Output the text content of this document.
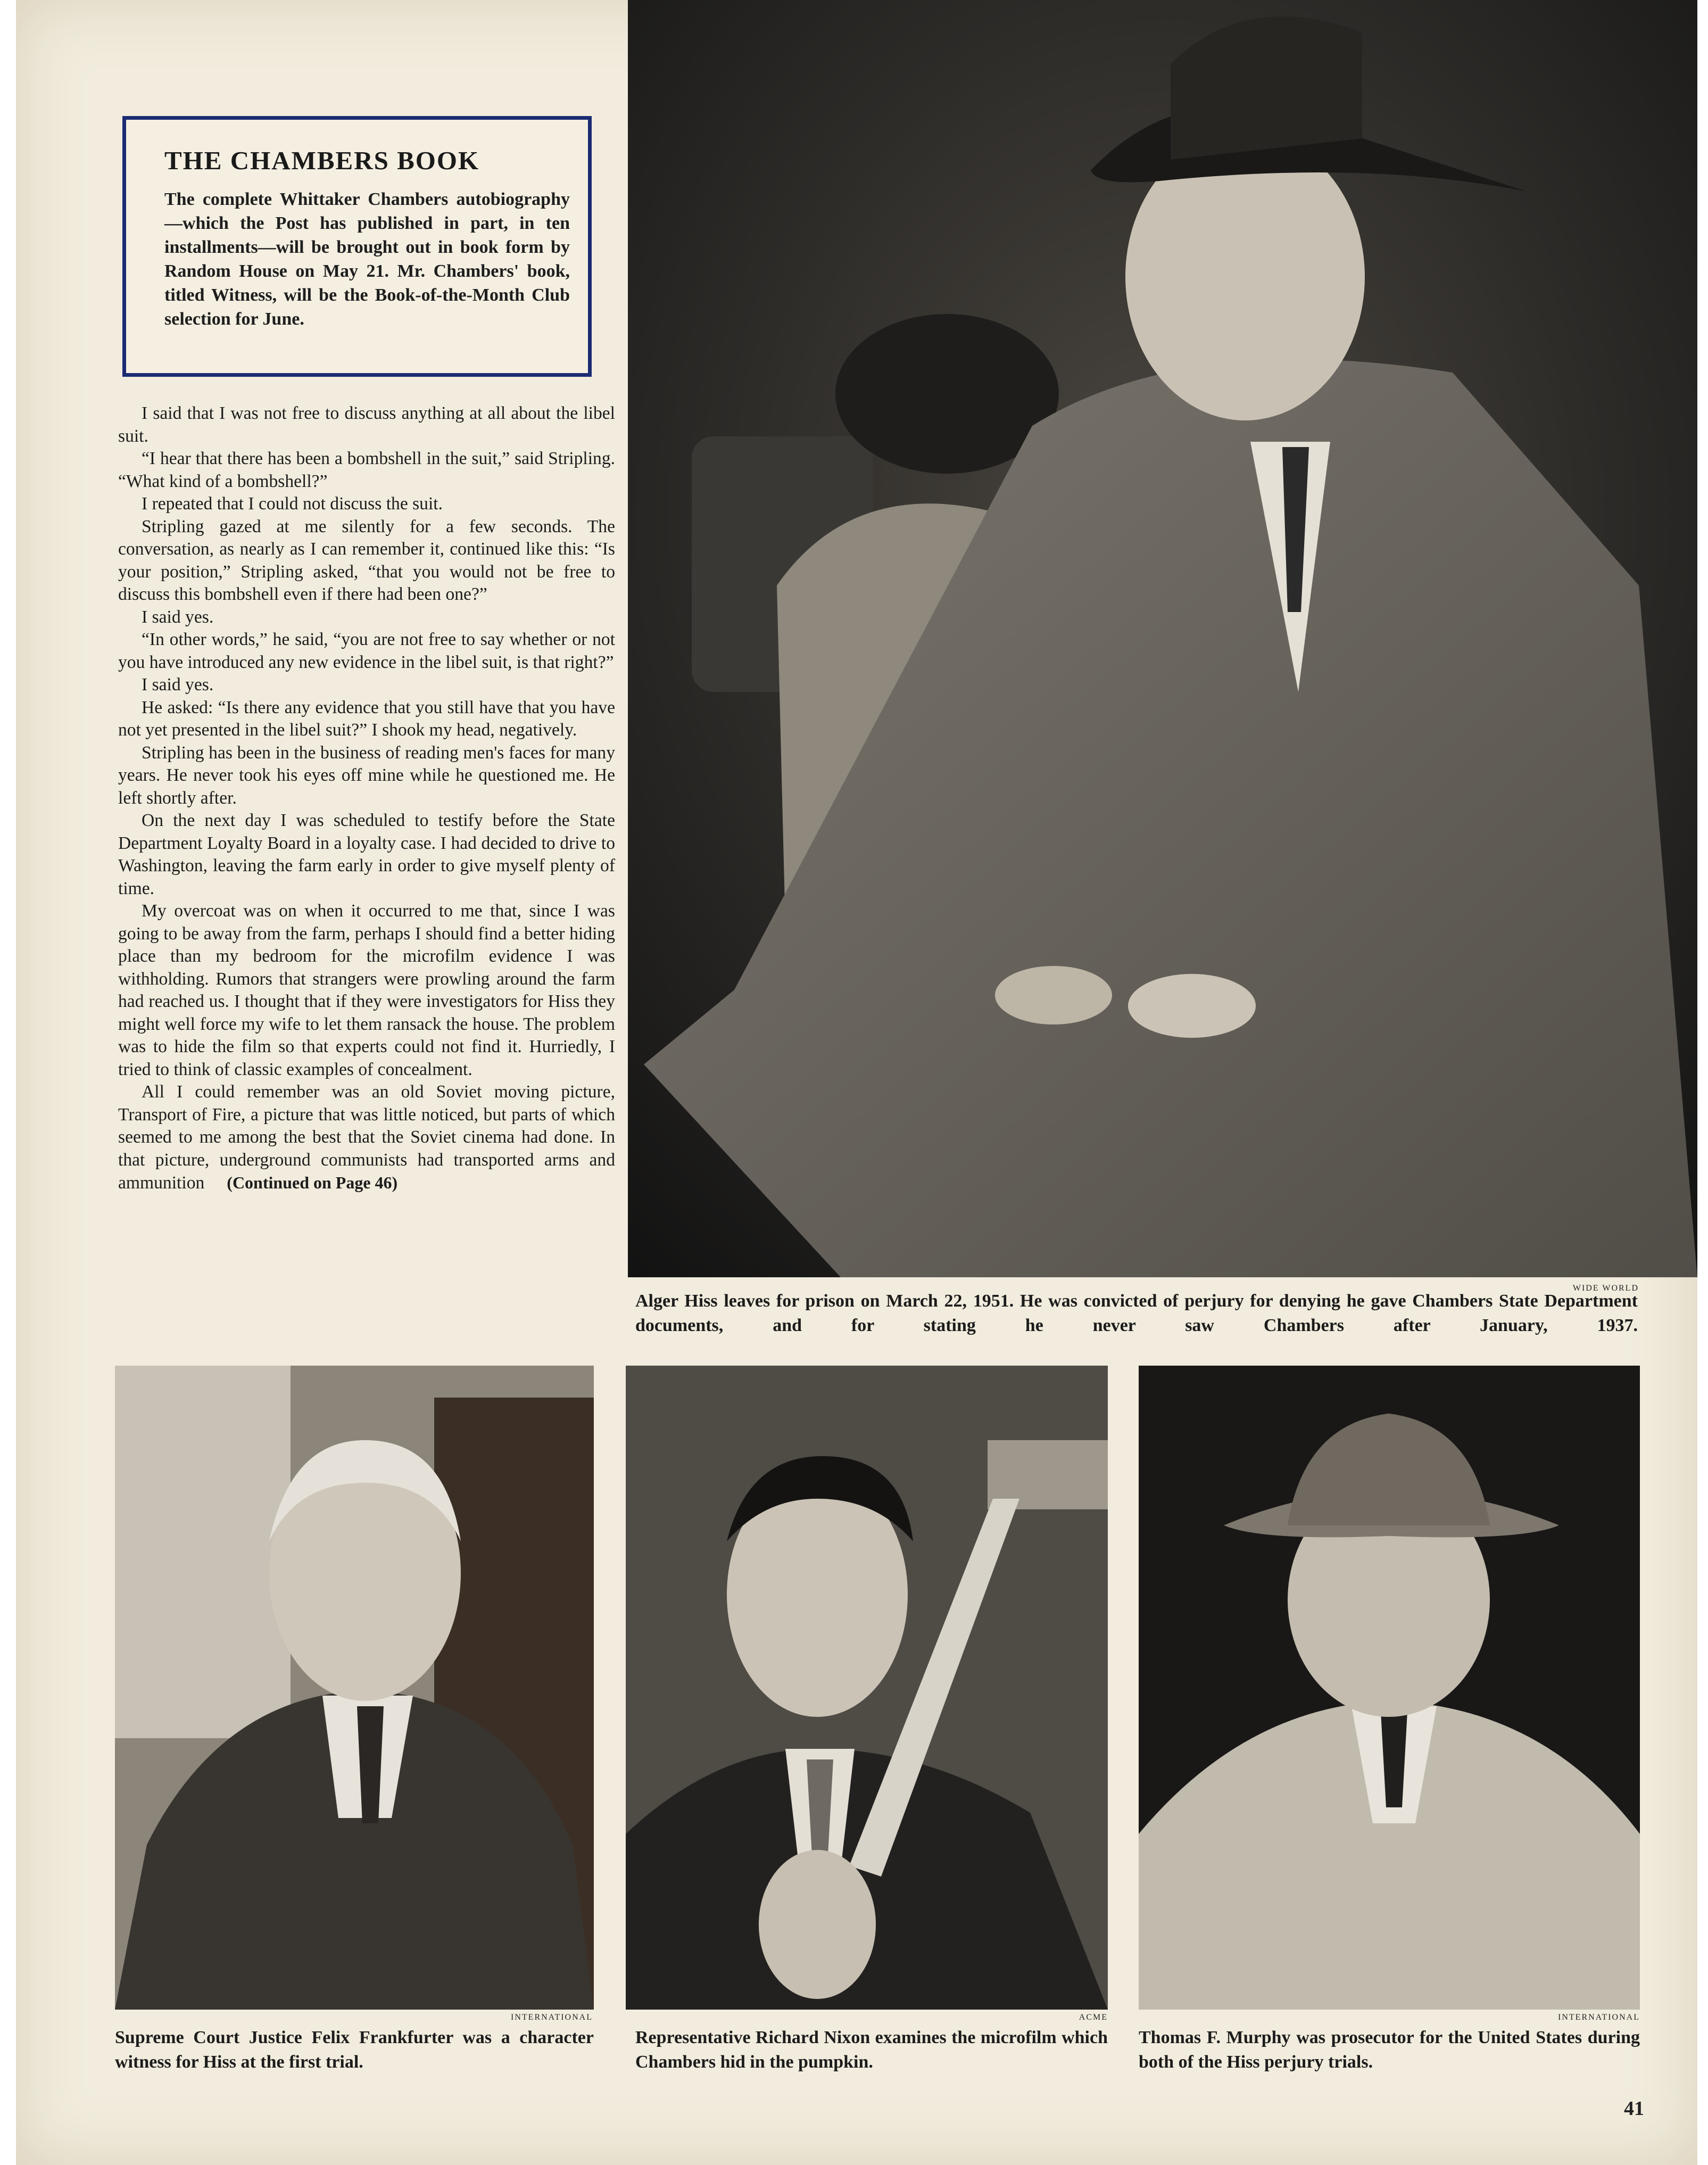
THE CHAMBERS BOOK

The complete Whittaker Chambers autobiography—which the Post has published in part, in ten installments—will be brought out in book form by Random House on May 21. Mr. Chambers' book, titled Witness, will be the Book-of-the-Month Club selection for June.

I said that I was not free to discuss anything at all about the libel suit.

“I hear that there has been a bombshell in the suit,” said Stripling. “What kind of a bombshell?”

I repeated that I could not discuss the suit.

Stripling gazed at me silently for a few seconds. The conversation, as nearly as I can remember it, continued like this: “Is your position,” Stripling asked, “that you would not be free to discuss this bombshell even if there had been one?”

I said yes.

“In other words,” he said, “you are not free to say whether or not you have introduced any new evidence in the libel suit, is that right?”

I said yes.

He asked: “Is there any evidence that you still have that you have not yet presented in the libel suit?” I shook my head, negatively.

Stripling has been in the business of reading men's faces for many years. He never took his eyes off mine while he questioned me. He left shortly after.

On the next day I was scheduled to testify before the State Department Loyalty Board in a loyalty case. I had decided to drive to Washington, leaving the farm early in order to give myself plenty of time.

My overcoat was on when it occurred to me that, since I was going to be away from the farm, perhaps I should find a better hiding place than my bedroom for the microfilm evidence I was withholding. Rumors that strangers were prowling around the farm had reached us. I thought that if they were investigators for Hiss they might well force my wife to let them ransack the house. The problem was to hide the film so that experts could not find it. Hurriedly, I tried to think of classic examples of concealment.

All I could remember was an old Soviet moving picture, Transport of Fire, a picture that was little noticed, but parts of which seemed to me among the best that the Soviet cinema had done. In that picture, underground communists had transported arms and ammunition (Continued on Page 46)

WIDE WORLD
Alger Hiss leaves for prison on March 22, 1951. He was convicted of perjury for denying he gave Chambers State Department documents, and for stating he never saw Chambers after January, 1937.
INTERNATIONAL
Supreme Court Justice Felix Frankfurter was a character witness for Hiss at the first trial.
ACME
Representative Richard Nixon examines the microfilm which Chambers hid in the pumpkin.
INTERNATIONAL
Thomas F. Murphy was prosecutor for the United States during both of the Hiss perjury trials.
41
